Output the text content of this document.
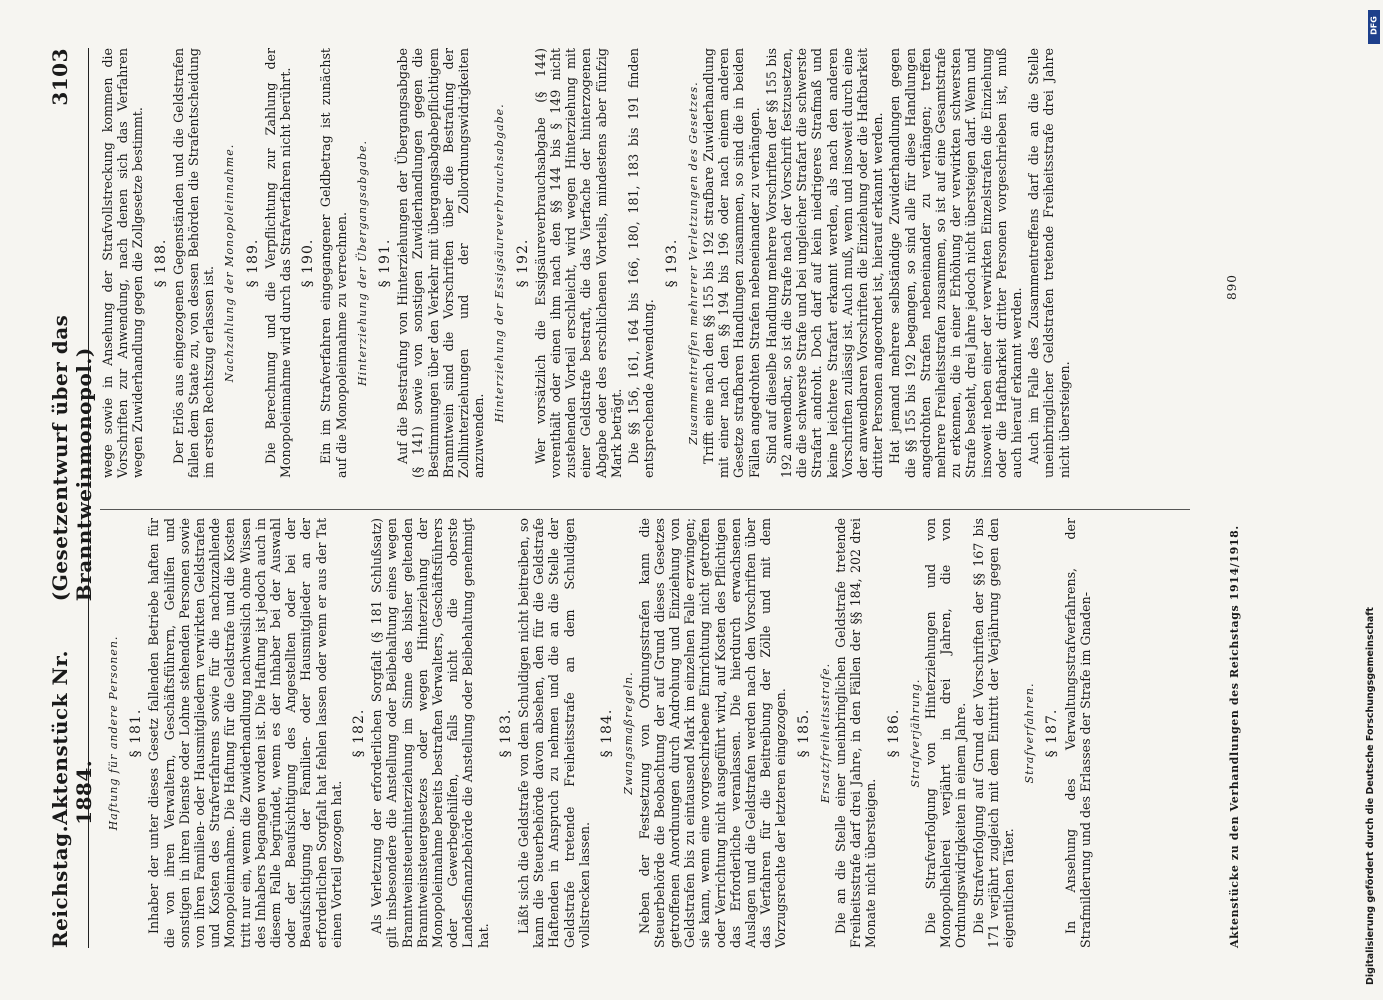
Reichstag.
Aktenstück Nr. 1884.
(Gesetzentwurf über das Branntweinmonopol.)
3103
Haftung für andere Personen. § 181. Inhaber der unter dieses Gesetz fallenden Betriebe haften für die von ihren Verwaltern, Geschäftsführern, Gehilfen und sonstigen in ihren Dienste oder Lohne stehenden Personen sowie von ihren Familien- oder Hausmitgliedern verwirkten Geldstrafen und Kosten des Strafverfahrens sowie für die nachzuzahlende Monopoleinnahme. Die Haftung für die Geldstrafe und die Kosten tritt nur ein, wenn die Zuwiderhandlung nachweislich ohne Wissen des Inhabers begangen worden ist. Die Haftung ist jedoch auch in diesem Falle begründet, wenn es der Inhaber bei der Auswahl oder der Beaufsichtigung des Angestellten oder bei der Beaufsichtigung der Familien- oder Hausmitglieder an der erforderlichen Sorgfalt hat fehlen lassen oder wenn er aus der Tat einen Vorteil gezogen hat.

§ 182. Als Verletzung der erforderlichen Sorgfalt (§ 181 Schlußsatz) gilt insbesondere die Anstellung oder Beibehaltung eines wegen Branntweinsteuerhinterziehung im Sinne des bisher geltenden Branntweinsteuergesetzes oder wegen Hinterziehung der Monopoleinnahme bereits bestraften Verwalters, Geschäftsführers oder Gewerbegehilfen, falls nicht die oberste Landesfinanzbehörde die Anstellung oder Beibehaltung genehmigt hat.

§ 183. Läßt sich die Geldstrafe von dem Schuldigen nicht beitreiben, so kann die Steuerbehörde davon absehen, den für die Geldstrafe Haftenden in Anspruch zu nehmen und die an die Stelle der Geldstrafe tretende Freiheitsstrafe an dem Schuldigen vollstrecken lassen.

§ 184. Zwangsmaßregeln. Neben der Festsetzung von Ordnungsstrafen kann die Steuerbehörde die Beobachtung der auf Grund dieses Gesetzes getroffenen Anordnungen durch Androhung und Einziehung von Geldstrafen bis zu eintausend Mark im einzelnen Falle erzwingen; sie kann, wenn eine vorgeschriebene Einrichtung nicht getroffen oder Verrichtung nicht ausgeführt wird, auf Kosten des Pflichtigen das Erforderliche veranlassen. Die hierdurch erwachsenen Auslagen und die Geldstrafen werden nach den Vorschriften über das Verfahren für die Beitreibung der Zölle und mit dem Vorzugsrechte der letzteren eingezogen. § 185. Ersatzfreiheitsstrafe. Die an die Stelle einer uneinbringlichen Geldstrafe tretende Freiheitsstrafe darf drei Jahre, in den Fällen der §§ 184, 202 drei Monate nicht übersteigen.

§ 186. Strafverjährung. Die Strafverfolgung von Hinterziehungen und von Monopolhehlerei verjährt in drei Jahren, die von Ordnungswidrigkeiten in einem Jahre. Die Strafverfolgung auf Grund der Vorschriften der §§ 167 bis 171 verjährt zugleich mit dem Eintritt der Verjährung gegen den eigentlichen Täter.

Strafverfahren. § 187. In Ansehung des Verwaltungsstrafverfahrens, der Strafmilderung und des Erlasses der Strafe im Gnaden-

wege sowie in Ansehung der Strafvollstreckung kommen die Vorschriften zur Anwendung, nach denen sich das Verfahren wegen Zuwiderhandlung gegen die Zollgesetze bestimmt. § 188. Der Erlös aus eingezogenen Gegenständen und die Geldstrafen fallen dem Staate zu, von dessen Behörden die Strafentscheidung im ersten Rechtszug erlassen ist. Nachzahlung der Monopoleinnahme. § 189. Die Berechnung und die Verpflichtung zur Zahlung der Monopoleinnahme wird durch das Strafverfahren nicht berührt. § 190. Ein im Strafverfahren eingegangener Geldbetrag ist zunächst auf die Monopoleinnahme zu verrechnen. Hinterziehung der Übergangsabgabe. § 191. Auf die Bestrafung von Hinterziehungen der Übergangsabgabe (§ 141) sowie von sonstigen Zuwiderhandlungen gegen die Bestimmungen über den Verkehr mit übergangsabgabepflichtigem Branntwein sind die Vorschriften über die Bestrafung der Zollhinterziehungen und der Zollordnungswidrigkeiten anzuwenden.

Hinterziehung der Essigsäureverbrauchsabgabe. § 192. Wer vorsätzlich die Essigsäureverbrauchsabgabe (§ 144) vorenthält oder einen ihm nach den §§ 144 bis § 149 nicht zustehenden Vorteil erschleicht, wird wegen Hinterziehung mit einer Geldstrafe bestraft, die das Vierfache der hinterzogenen Abgabe oder des erschlichenen Vorteils, mindestens aber fünfzig Mark beträgt. Die §§ 156, 161, 164 bis 166, 180, 181, 183 bis 191 finden entsprechende Anwendung.

§ 193. Zusammentreffen mehrerer Verletzungen des Gesetzes. Trifft eine nach den §§ 155 bis 192 strafbare Zuwiderhandlung mit einer nach den §§ 194 bis 196 oder nach einem anderen Gesetze strafbaren Handlungen zusammen, so sind die in beiden Fällen angedrohten Strafen nebeneinander zu verhängen. Sind auf dieselbe Handlung mehrere Vorschriften der §§ 155 bis 192 anwendbar, so ist die Strafe nach der Vorschrift festzusetzen, die die schwerste Strafe und bei ungleicher Strafart die schwerste Strafart androht. Doch darf auf kein niedrigeres Strafmaß und keine leichtere Strafart erkannt werden, als nach den anderen Vorschriften zulässig ist. Auch muß, wenn und insoweit durch eine der anwendbaren Vorschriften die Einziehung oder die Haftbarkeit dritter Personen angeordnet ist, hierauf erkannt werden. Hat jemand mehrere selbständige Zuwiderhandlungen gegen die §§ 155 bis 192 begangen, so sind alle für diese Handlungen angedrohten Strafen nebeneinander zu verhängen; treffen mehrere Freiheitsstrafen zusammen, so ist auf eine Gesamtstrafe zu erkennen, die in einer Erhöhung der verwirkten schwersten Strafe besteht, drei Jahre jedoch nicht übersteigen darf. Wenn und insoweit neben einer der verwirkten Einzelstrafen die Einziehung oder die Haftbarkeit dritter Personen vorgeschrieben ist, muß auch hierauf erkannt werden. Auch im Falle des Zusammentreffens darf die an die Stelle uneinbringlicher Geldstrafen tretende Freiheitsstrafe drei Jahre nicht übersteigen.

Aktenstücke zu den Verhandlungen des Reichstags 1914/1918.
890
Digitalisierung gefördert durch die Deutsche Forschungsgemeinschaft
DFG
